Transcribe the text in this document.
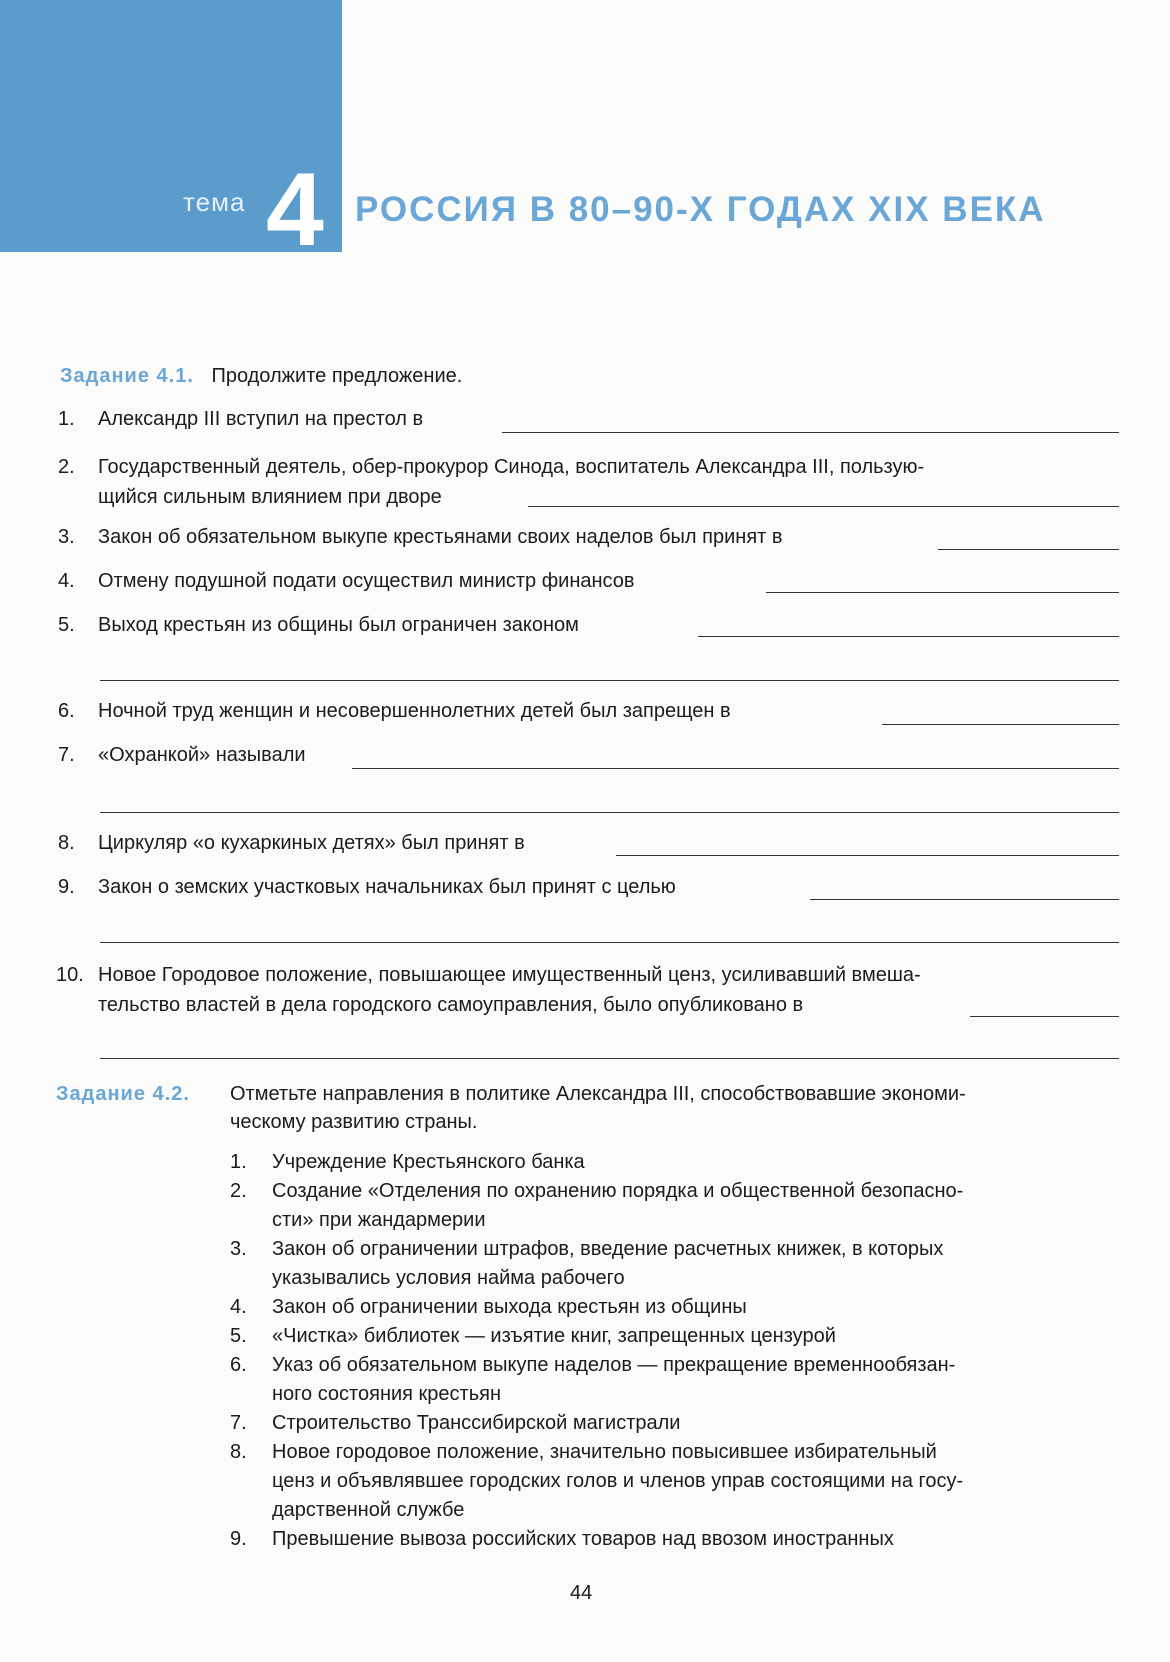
тема 4 РОССИЯ В 80–90-Х ГОДАХ XIX ВЕКА
Задание 4.1. Продолжите предложение.
1. Александр III вступил на престол в
2. Государственный деятель, обер-прокурор Синода, воспитатель Александра III, пользую-
щийся сильным влиянием при дворе
3. Закон об обязательном выкупе крестьянами своих наделов был принят в
4. Отмену подушной подати осуществил министр финансов
5. Выход крестьян из общины был ограничен законом
6. Ночной труд женщин и несовершеннолетних детей был запрещен в
7. «Охранкой» называли
8. Циркуляр «о кухаркиных детях» был принят в
9. Закон о земских участковых начальниках был принят с целью
10. Новое Городовое положение, повышающее имущественный ценз, усиливавший вмеша-
тельство властей в дела городского самоуправления, было опубликовано в
Задание 4.2. Отметьте направления в политике Александра III, способствовавшие экономи-
ческому развитию страны.
1. Учреждение Крестьянского банка
2. Создание «Отделения по охранению порядка и общественной безопасно-
сти» при жандармерии
3. Закон об ограничении штрафов, введение расчетных книжек, в которых
указывались условия найма рабочего
4. Закон об ограничении выхода крестьян из общины
5. «Чистка» библиотек — изъятие книг, запрещенных цензурой
6. Указ об обязательном выкупе наделов — прекращение временнообязан-
ного состояния крестьян
7. Строительство Транссибирской магистрали
8. Новое городовое положение, значительно повысившее избирательный
ценз и объявлявшее городских голов и членов управ состоящими на госу-
дарственной службе
9. Превышение вывоза российских товаров над ввозом иностранных
44
